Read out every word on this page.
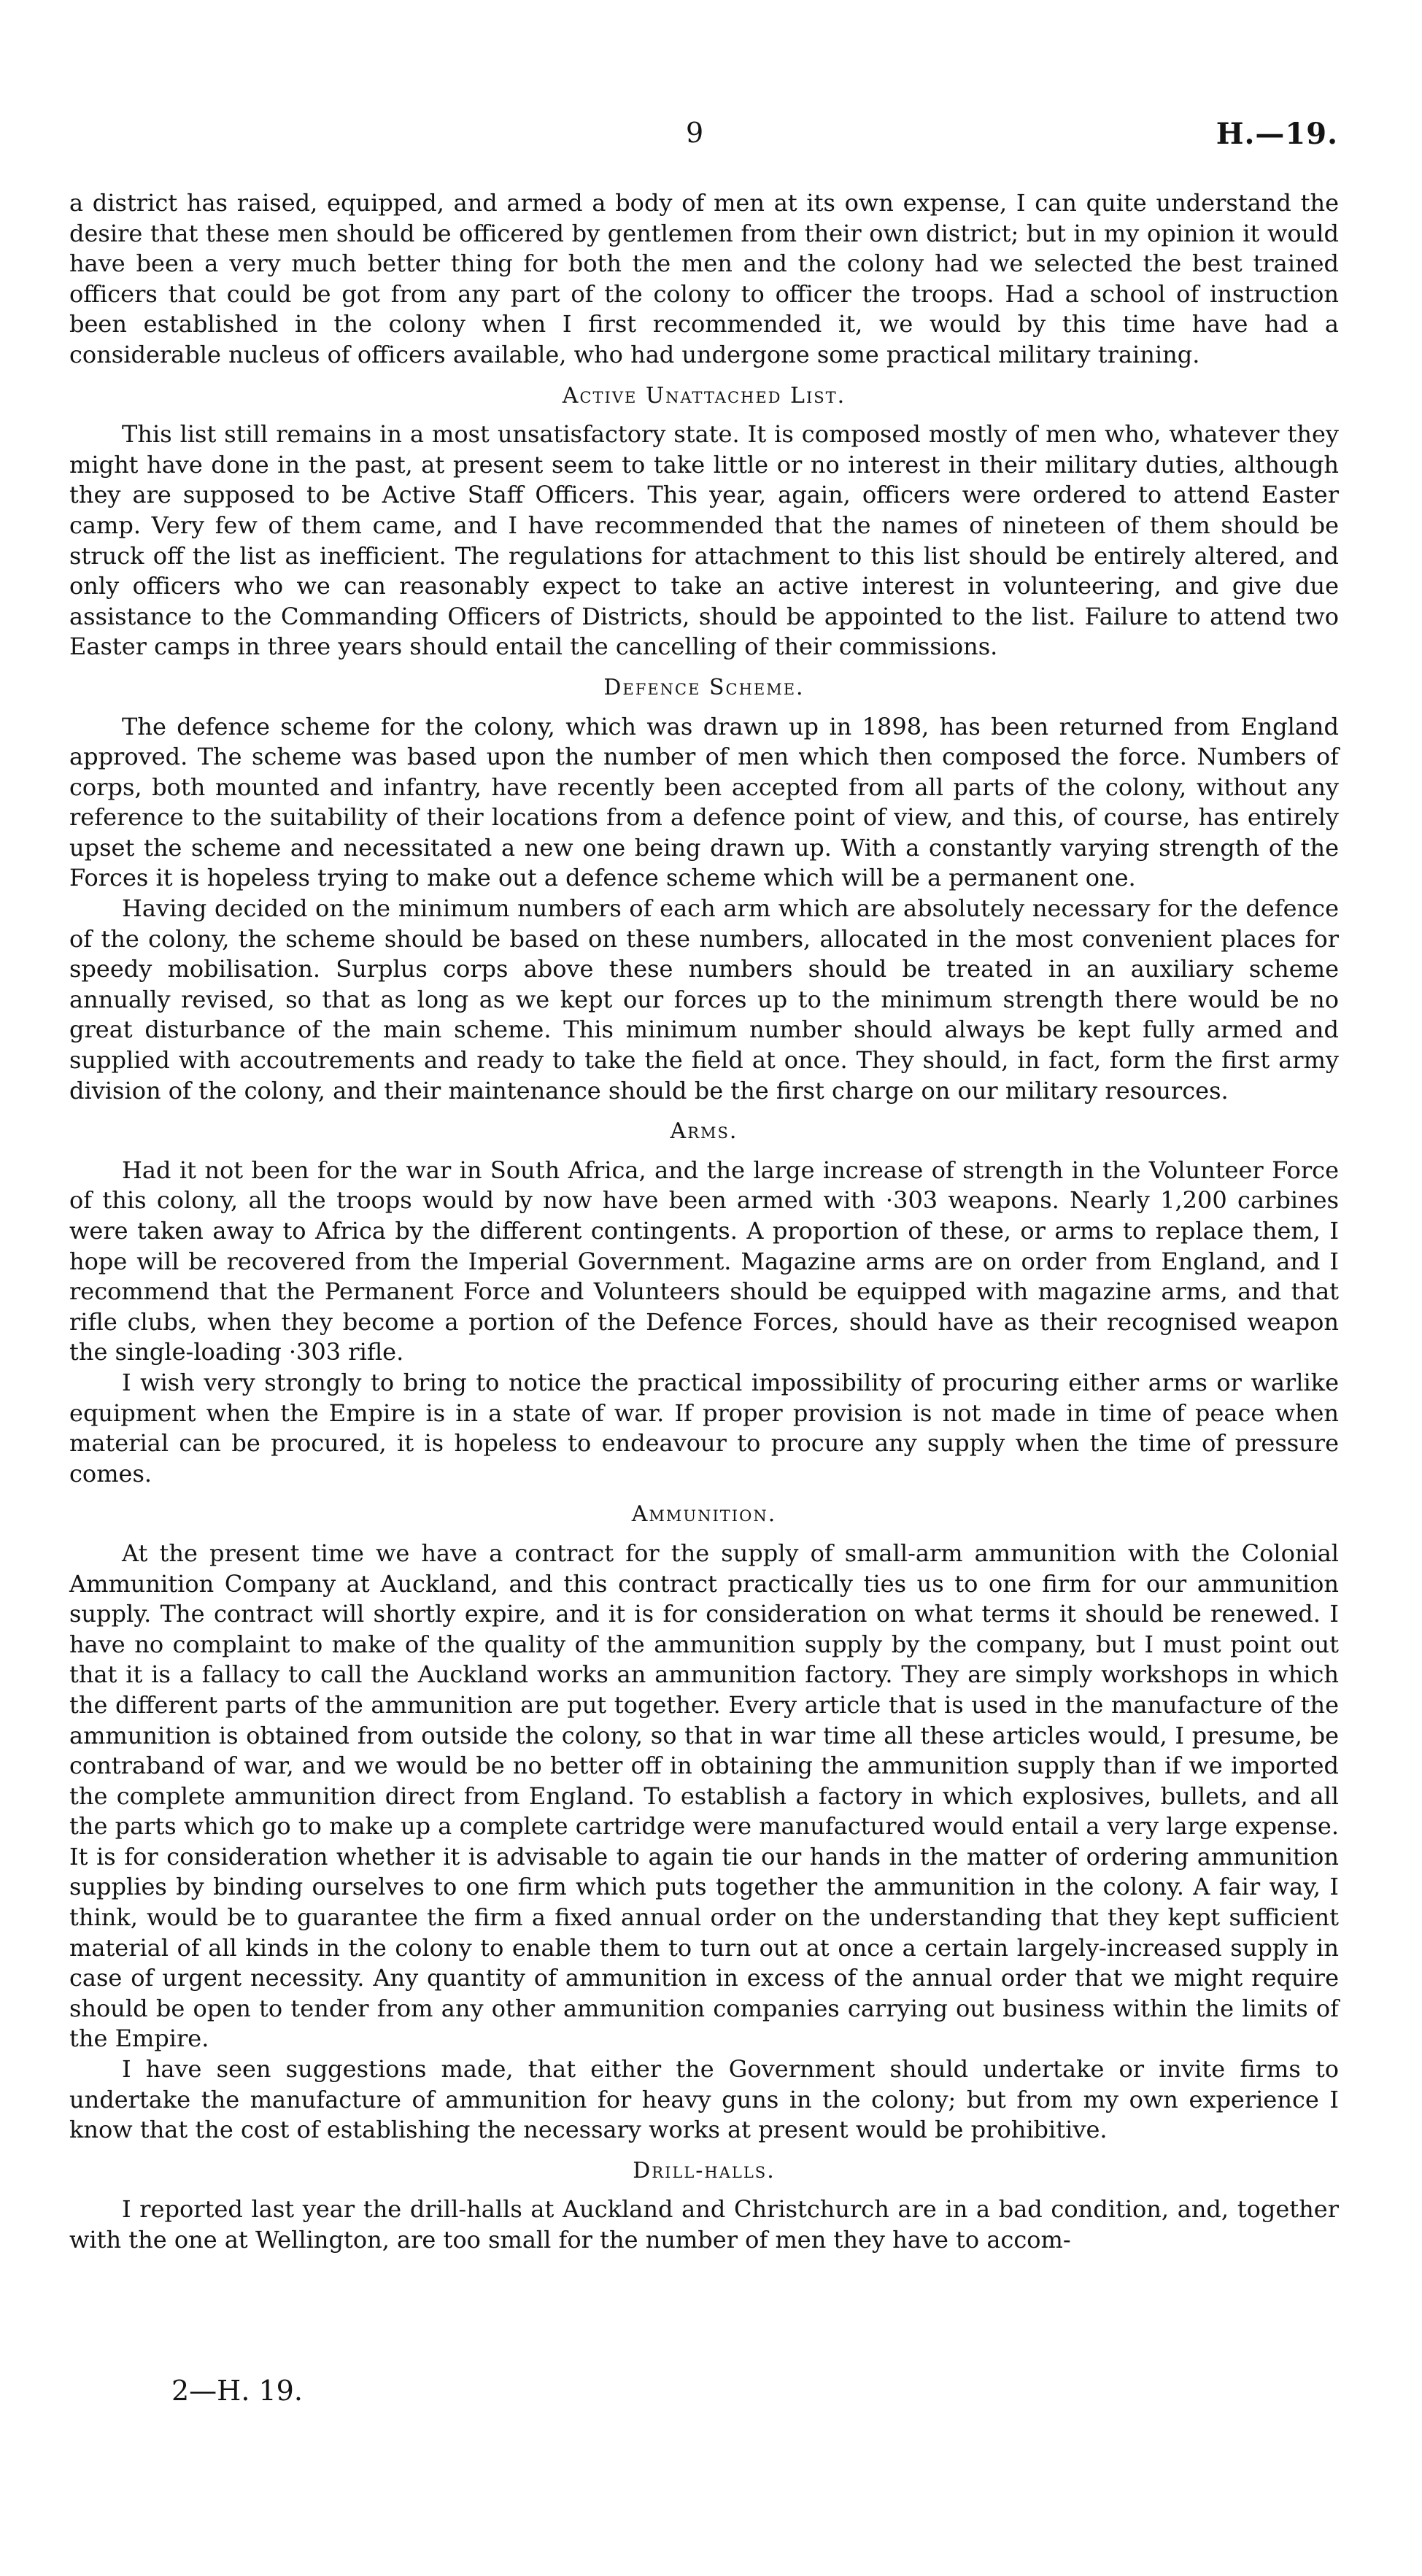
9	H.—19.

a district has raised, equipped, and armed a body of men at its own expense, I can quite understand the desire that these men should be officered by gentlemen from their own district; but in my opinion it would have been a very much better thing for both the men and the colony had we selected the best trained officers that could be got from any part of the colony to officer the troops. Had a school of instruction been established in the colony when I first recommended it, we would by this time have had a considerable nucleus of officers available, who had undergone some practical military training.

Active Unattached List.

This list still remains in a most unsatisfactory state. It is composed mostly of men who, whatever they might have done in the past, at present seem to take little or no interest in their military duties, although they are supposed to be Active Staff Officers. This year, again, officers were ordered to attend Easter camp. Very few of them came, and I have recommended that the names of nineteen of them should be struck off the list as inefficient. The regulations for attachment to this list should be entirely altered, and only officers who we can reasonably expect to take an active interest in volunteering, and give due assistance to the Commanding Officers of Districts, should be appointed to the list. Failure to attend two Easter camps in three years should entail the cancelling of their commissions.

Defence Scheme.

The defence scheme for the colony, which was drawn up in 1898, has been returned from England approved. The scheme was based upon the number of men which then composed the force. Numbers of corps, both mounted and infantry, have recently been accepted from all parts of the colony, without any reference to the suitability of their locations from a defence point of view, and this, of course, has entirely upset the scheme and necessitated a new one being drawn up. With a constantly varying strength of the Forces it is hopeless trying to make out a defence scheme which will be a permanent one.

Having decided on the minimum numbers of each arm which are absolutely necessary for the defence of the colony, the scheme should be based on these numbers, allocated in the most convenient places for speedy mobilisation. Surplus corps above these numbers should be treated in an auxiliary scheme annually revised, so that as long as we kept our forces up to the minimum strength there would be no great disturbance of the main scheme. This minimum number should always be kept fully armed and supplied with accoutrements and ready to take the field at once. They should, in fact, form the first army division of the colony, and their maintenance should be the first charge on our military resources.

Arms.

Had it not been for the war in South Africa, and the large increase of strength in the Volunteer Force of this colony, all the troops would by now have been armed with ·303 weapons. Nearly 1,200 carbines were taken away to Africa by the different contingents. A proportion of these, or arms to replace them, I hope will be recovered from the Imperial Government. Magazine arms are on order from England, and I recommend that the Permanent Force and Volunteers should be equipped with magazine arms, and that rifle clubs, when they become a portion of the Defence Forces, should have as their recognised weapon the single-loading ·303 rifle.

I wish very strongly to bring to notice the practical impossibility of procuring either arms or warlike equipment when the Empire is in a state of war. If proper provision is not made in time of peace when material can be procured, it is hopeless to endeavour to procure any supply when the time of pressure comes.

Ammunition.

At the present time we have a contract for the supply of small-arm ammunition with the Colonial Ammunition Company at Auckland, and this contract practically ties us to one firm for our ammunition supply. The contract will shortly expire, and it is for consideration on what terms it should be renewed. I have no complaint to make of the quality of the ammunition supply by the company, but I must point out that it is a fallacy to call the Auckland works an ammunition factory. They are simply workshops in which the different parts of the ammunition are put together. Every article that is used in the manufacture of the ammunition is obtained from outside the colony, so that in war time all these articles would, I presume, be contraband of war, and we would be no better off in obtaining the ammunition supply than if we imported the complete ammunition direct from England. To establish a factory in which explosives, bullets, and all the parts which go to make up a complete cartridge were manufactured would entail a very large expense. It is for consideration whether it is advisable to again tie our hands in the matter of ordering ammunition supplies by binding ourselves to one firm which puts together the ammunition in the colony. A fair way, I think, would be to guarantee the firm a fixed annual order on the understanding that they kept sufficient material of all kinds in the colony to enable them to turn out at once a certain largely-increased supply in case of urgent necessity. Any quantity of ammunition in excess of the annual order that we might require should be open to tender from any other ammunition companies carrying out business within the limits of the Empire.

I have seen suggestions made, that either the Government should undertake or invite firms to undertake the manufacture of ammunition for heavy guns in the colony; but from my own experience I know that the cost of establishing the necessary works at present would be prohibitive.

Drill-halls.

I reported last year the drill-halls at Auckland and Christchurch are in a bad condition, and, together with the one at Wellington, are too small for the number of men they have to accom-

2—H. 19.
